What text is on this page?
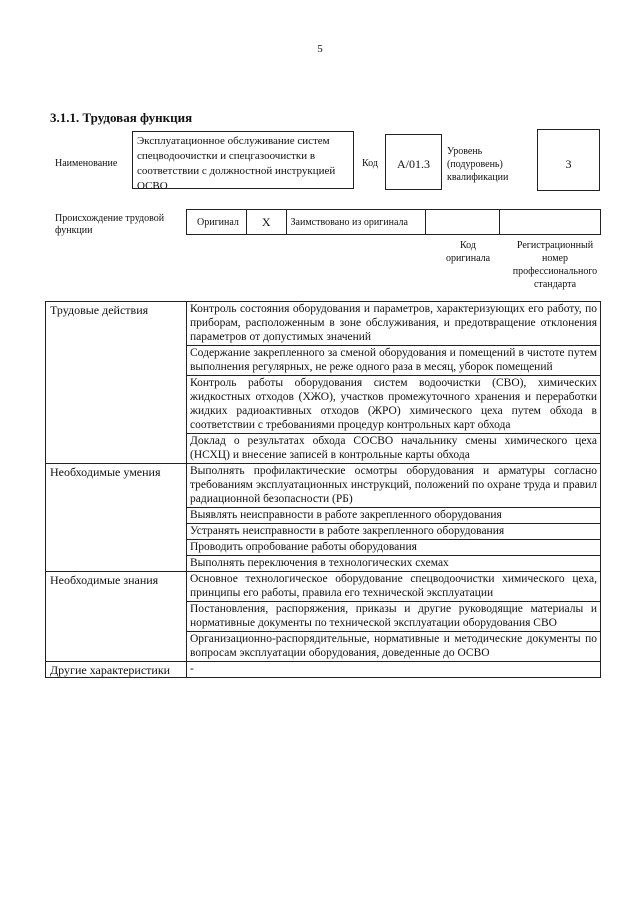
5
3.1.1. Трудовая функция
Наименование
Эксплуатационное обслуживание систем спецводоочистки и спецгазоочистки в соответствии с должностной инструкцией ОСВО
Код	А/01.3
Уровень (подуровень) квалификации
3
Происхождение трудовой функции
Оригинал	X	Заимствовано из оригинала
Код оригинала
Регистрационный номер профессионального стандарта
Трудовые действия	Контроль состояния оборудования и параметров, характеризующих его работу, по приборам, расположенным в зоне обслуживания, и предотвращение отклонения параметров от допустимых значений
Содержание закрепленного за сменой оборудования и помещений в чистоте путем выполнения регулярных, не реже одного раза в месяц, уборок помещений
Контроль работы оборудования систем водоочистки (СВО), химических жидкостных отходов (ХЖО), участков промежуточного хранения и переработки жидких радиоактивных отходов (ЖРО) химического цеха путем обхода в соответствии с требованиями процедур контрольных карт обхода
Доклад о результатах обхода СОСВО начальнику смены химического цеха (НСХЦ) и внесение записей в контрольные карты обхода

Необходимые умения	Выполнять профилактические осмотры оборудования и арматуры согласно требованиям эксплуатационных инструкций, положений по охране труда и правил радиационной безопасности (РБ)
Выявлять неисправности в работе закрепленного оборудования
Устранять неисправности в работе закрепленного оборудования
Проводить опробование работы оборудования
Выполнять переключения в технологических схемах

Необходимые знания	Основное технологическое оборудование спецводоочистки химического цеха, принципы его работы, правила его технической эксплуатации
Постановления, распоряжения, приказы и другие руководящие материалы и нормативные документы по технической эксплуатации оборудования СВО
Организационно-распорядительные, нормативные и методические документы по вопросам эксплуатации оборудования, доведенные до ОСВО

Другие характеристики	-
